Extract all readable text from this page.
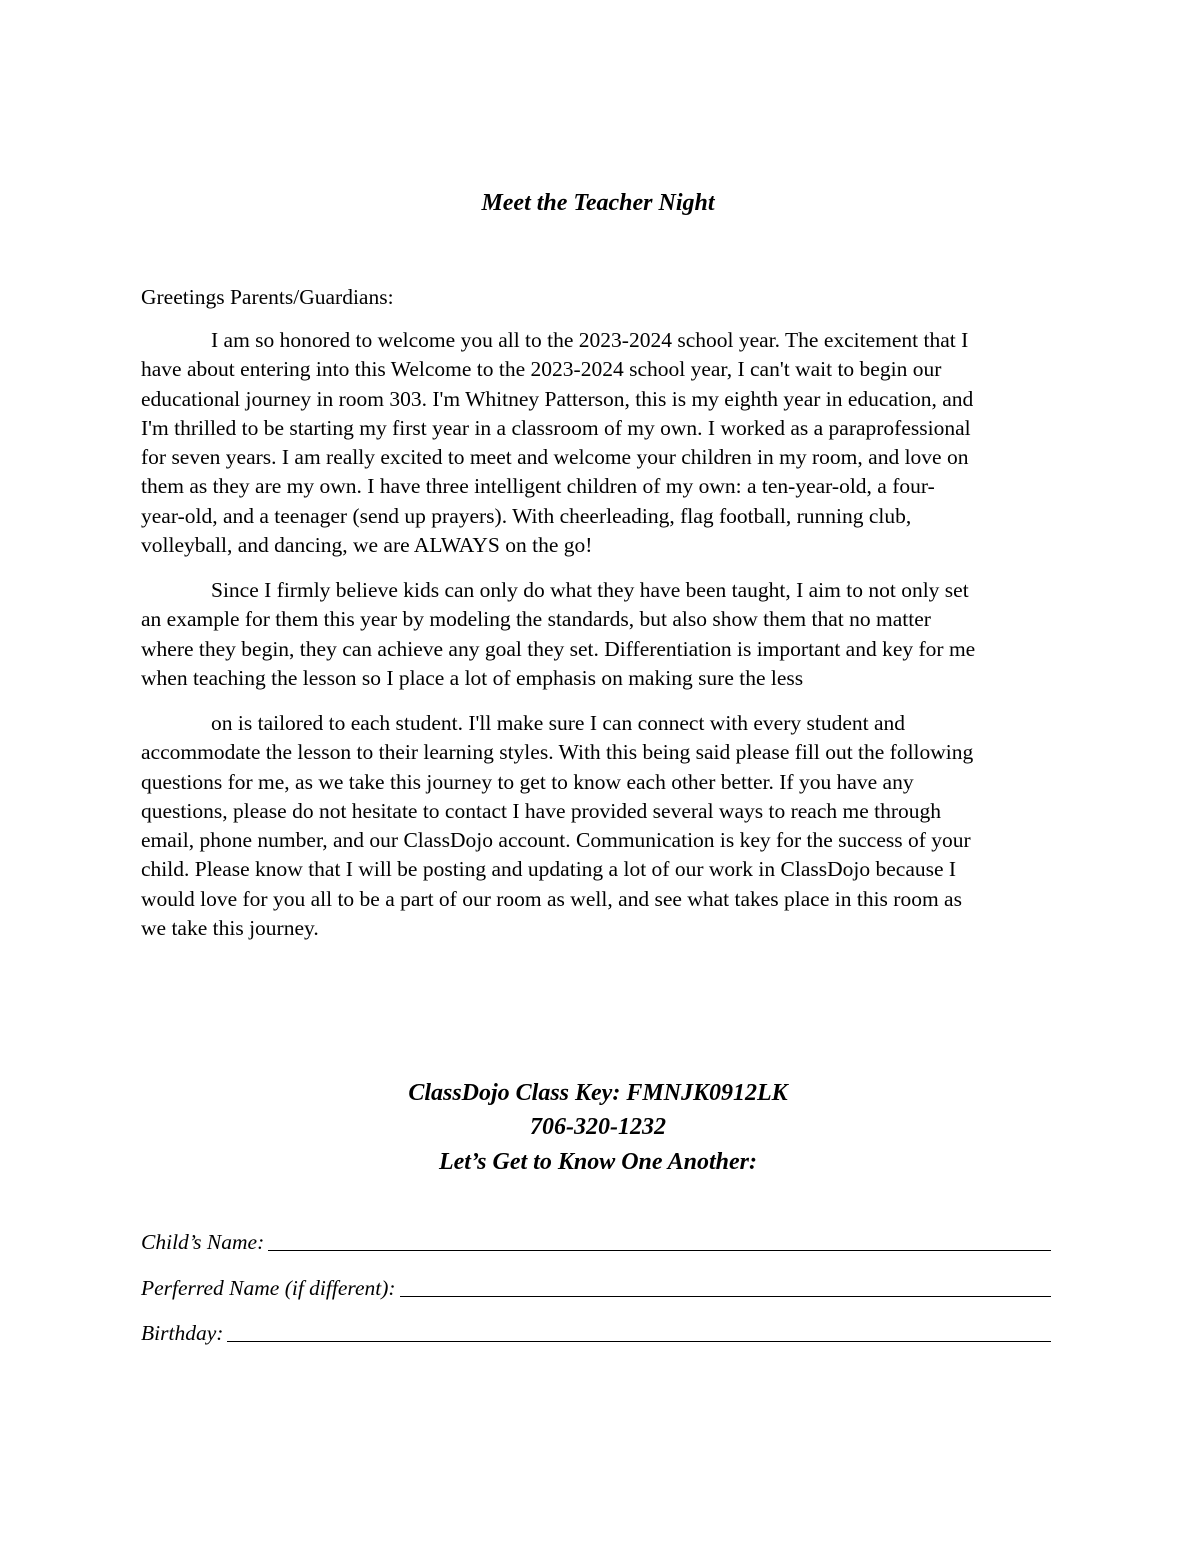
Meet the Teacher Night
Greetings Parents/Guardians:
I am so honored to welcome you all to the 2023-2024 school year. The excitement that I
have about entering into this Welcome to the 2023-2024 school year, I can't wait to begin our
educational journey in room 303. I'm Whitney Patterson, this is my eighth year in education, and
I'm thrilled to be starting my first year in a classroom of my own. I worked as a paraprofessional
for seven years. I am really excited to meet and welcome your children in my room, and love on
them as they are my own. I have three intelligent children of my own: a ten-year-old, a four-
year-old, and a teenager (send up prayers). With cheerleading, flag football, running club,
volleyball, and dancing, we are ALWAYS on the go!
Since I firmly believe kids can only do what they have been taught, I aim to not only set
an example for them this year by modeling the standards, but also show them that no matter
where they begin, they can achieve any goal they set. Differentiation is important and key for me
when teaching the lesson so I place a lot of emphasis on making sure the less
on is tailored to each student. I'll make sure I can connect with every student and
accommodate the lesson to their learning styles. With this being said please fill out the following
questions for me, as we take this journey to get to know each other better. If you have any
questions, please do not hesitate to contact I have provided several ways to reach me through
email, phone number, and our ClassDojo account. Communication is key for the success of your
child. Please know that I will be posting and updating a lot of our work in ClassDojo because I
would love for you all to be a part of our room as well, and see what takes place in this room as
we take this journey.
ClassDojo Class Key: FMNJK0912LK
706-320-1232
Let’s Get to Know One Another:
Child’s Name:
Perferred Name (if different):
Birthday:
